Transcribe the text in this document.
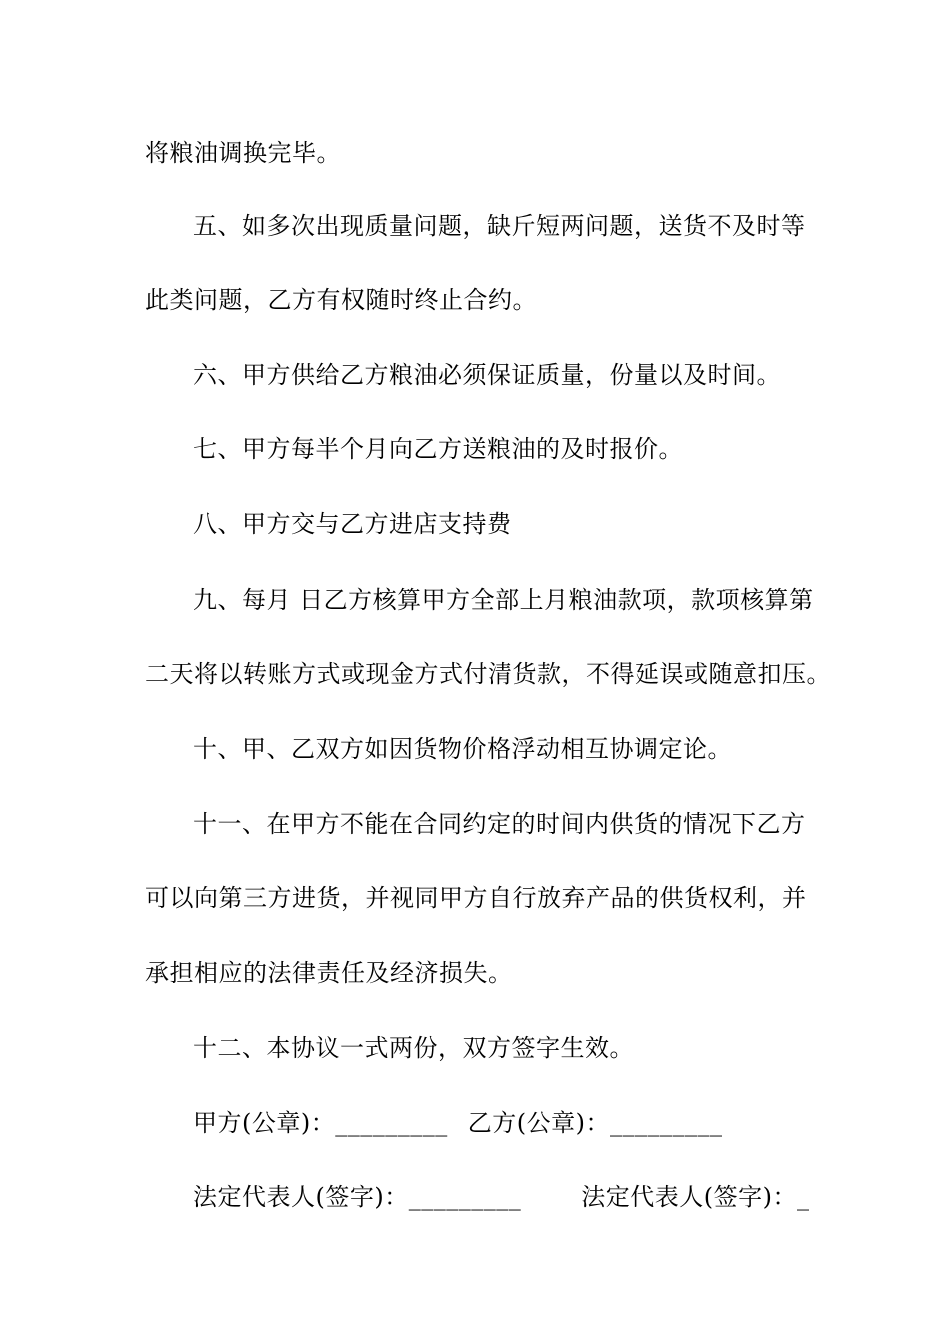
将粮油调换完毕。
五、如多次出现质量问题，缺斤短两问题，送货不及时等
此类问题，乙方有权随时终止合约。
六、甲方供给乙方粮油必须保证质量，份量以及时间。
七、甲方每半个月向乙方送粮油的及时报价。
八、甲方交与乙方进店支持费
九、每月 日乙方核算甲方全部上月粮油款项，款项核算第
二天将以转账方式或现金方式付清货款，不得延误或随意扣压。
十、甲、乙双方如因货物价格浮动相互协调定论。
十一、在甲方不能在合同约定的时间内供货的情况下乙方
可以向第三方进货，并视同甲方自行放弃产品的供货权利，并
承担相应的法律责任及经济损失。
十二、本协议一式两份，双方签字生效。
甲方(公章)：_________ 乙方(公章)：_________
法定代表人(签字)：_________	法定代表人(签字)：_
